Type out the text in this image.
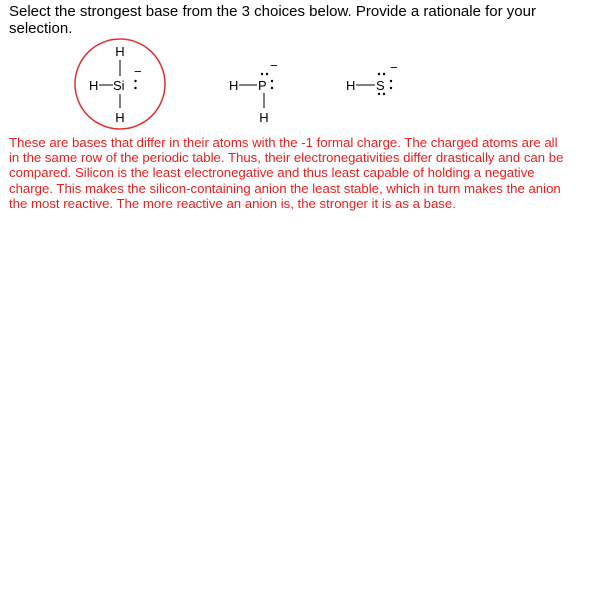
Select the strongest base from the 3 choices below. Provide a rationale for your selection.

H
H Si
−
H
H P
−
H
H S
−

These are bases that differ in their atoms with the -1 formal charge. The charged atoms are all in the same row of the periodic table. Thus, their electronegativities differ drastically and can be compared. Silicon is the least electronegative and thus least capable of holding a negative charge. This makes the silicon-containing anion the least stable, which in turn makes the anion the most reactive. The more reactive an anion is, the stronger it is as a base.
